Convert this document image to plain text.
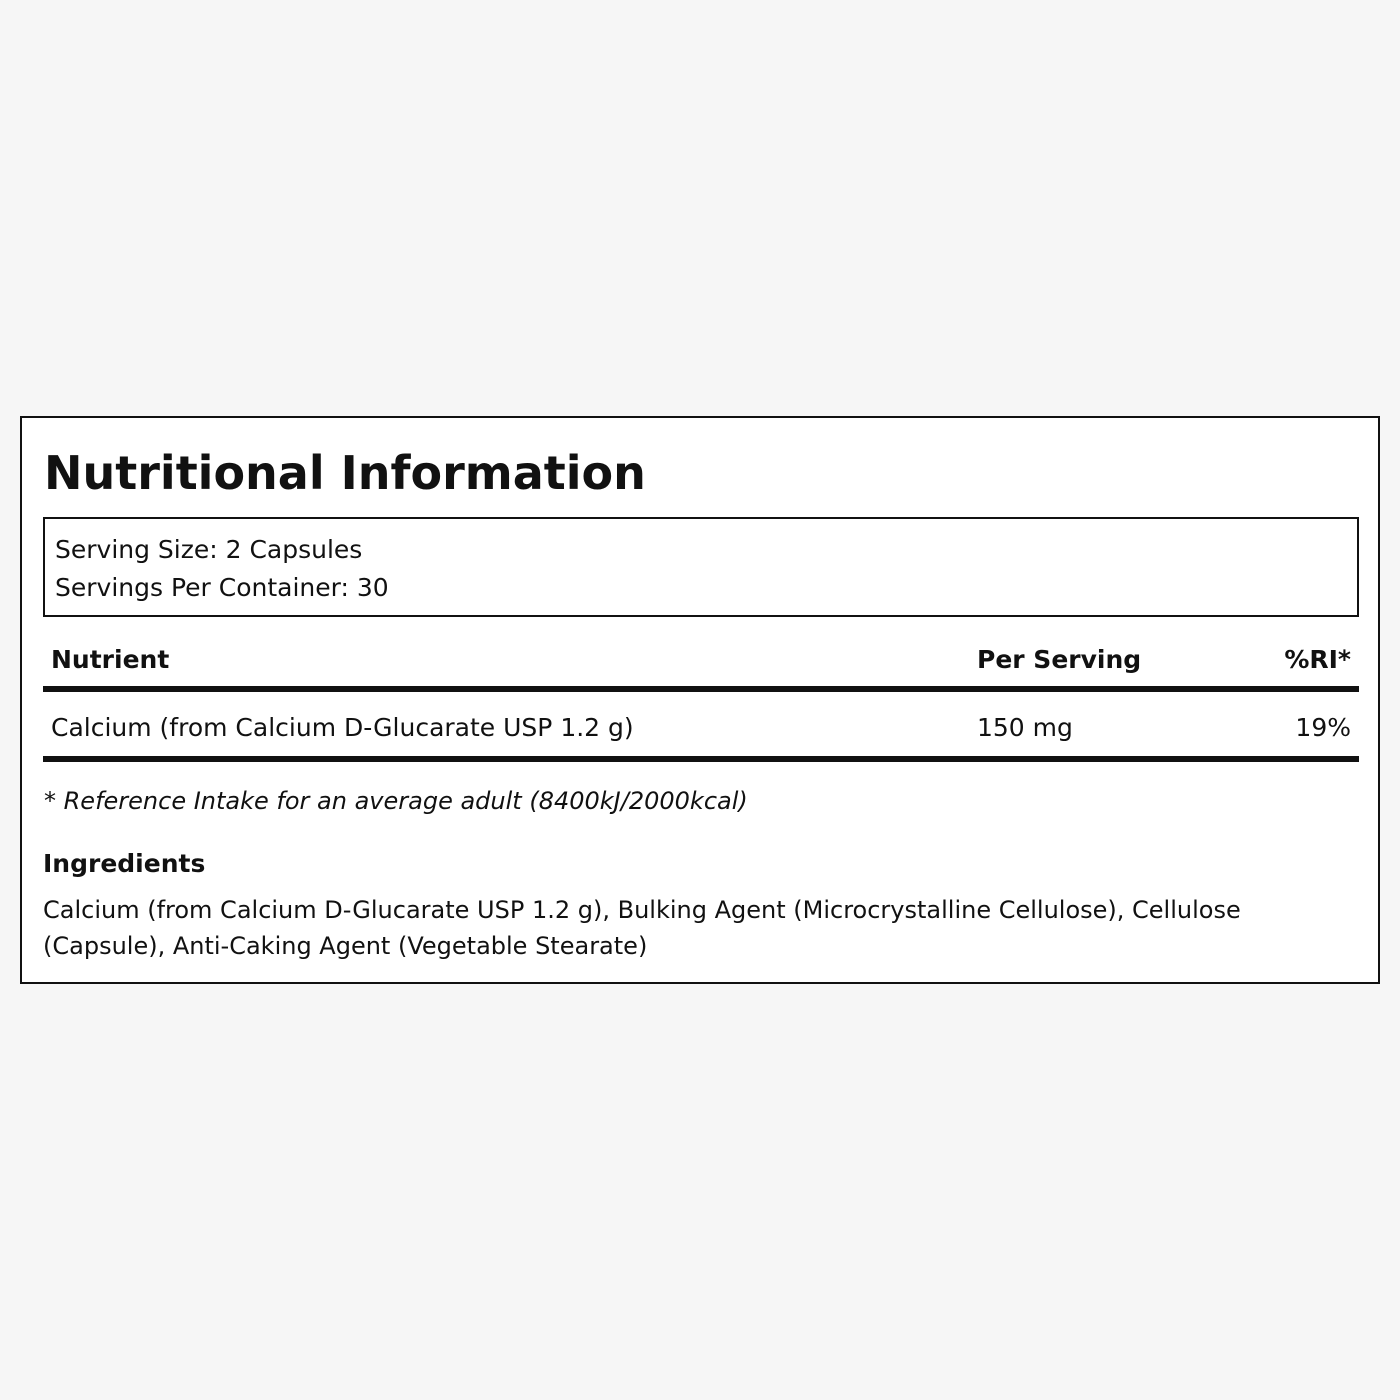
Nutritional Information
Serving Size: 2 Capsules
Servings Per Container: 30
Nutrient	Per Serving	%RI*
Calcium (from Calcium D-Glucarate USP 1.2 g)	150 mg	19%
* Reference Intake for an average adult (8400kJ/2000kcal)
Ingredients
Calcium (from Calcium D-Glucarate USP 1.2 g), Bulking Agent (Microcrystalline Cellulose), Cellulose (Capsule), Anti-Caking Agent (Vegetable Stearate)
